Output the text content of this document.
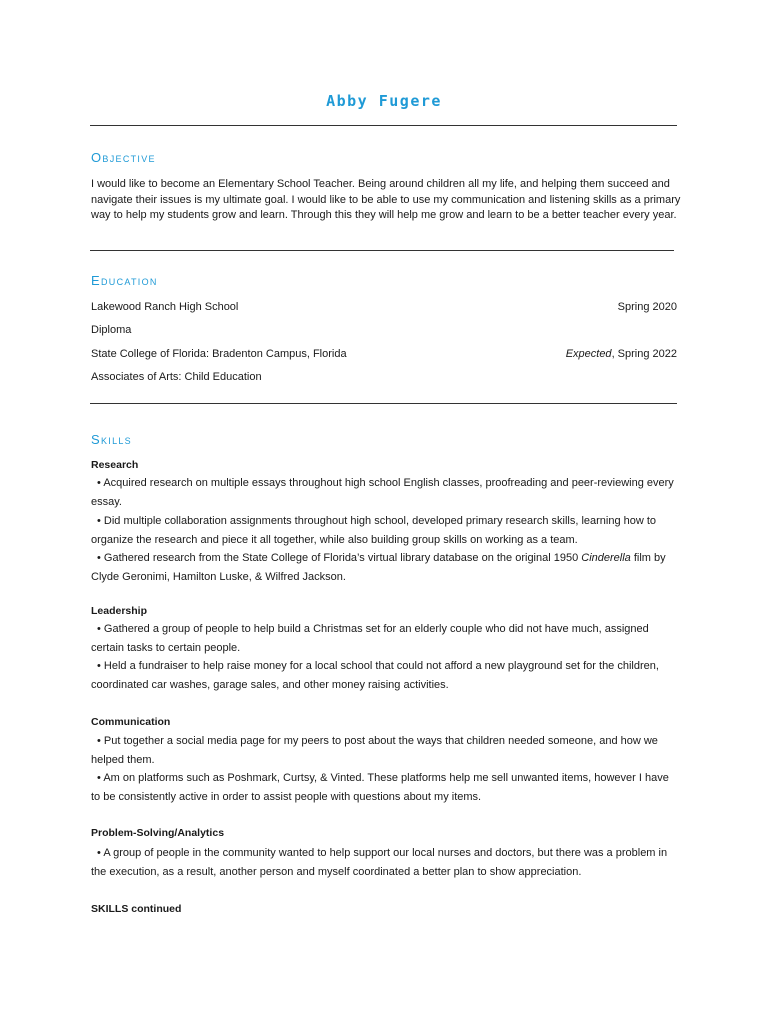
Abby Fugere
Objective
I would like to become an Elementary School Teacher. Being around children all my life, and helping them succeed and navigate their issues is my ultimate goal. I would like to be able to use my communication and listening skills as a primary way to help my students grow and learn. Through this they will help me grow and learn to be a better teacher every year.
Education
Lakewood Ranch High School	Spring 2020
Diploma
State College of Florida: Bradenton Campus, Florida	Expected, Spring 2022
Associates of Arts: Child Education
Skills
Research
• Acquired research on multiple essays throughout high school English classes, proofreading and peer-reviewing every essay.
• Did multiple collaboration assignments throughout high school, developed primary research skills, learning how to organize the research and piece it all together, while also building group skills on working as a team.
• Gathered research from the State College of Florida’s virtual library database on the original 1950 Cinderella film by Clyde Geronimi, Hamilton Luske, & Wilfred Jackson.
Leadership
• Gathered a group of people to help build a Christmas set for an elderly couple who did not have much, assigned certain tasks to certain people.
• Held a fundraiser to help raise money for a local school that could not afford a new playground set for the children, coordinated car washes, garage sales, and other money raising activities.
Communication
• Put together a social media page for my peers to post about the ways that children needed someone, and how we helped them.
• Am on platforms such as Poshmark, Curtsy, & Vinted. These platforms help me sell unwanted items, however I have to be consistently active in order to assist people with questions about my items.
Problem-Solving/Analytics
• A group of people in the community wanted to help support our local nurses and doctors, but there was a problem in the execution, as a result, another person and myself coordinated a better plan to show appreciation.
SKILLS continued
